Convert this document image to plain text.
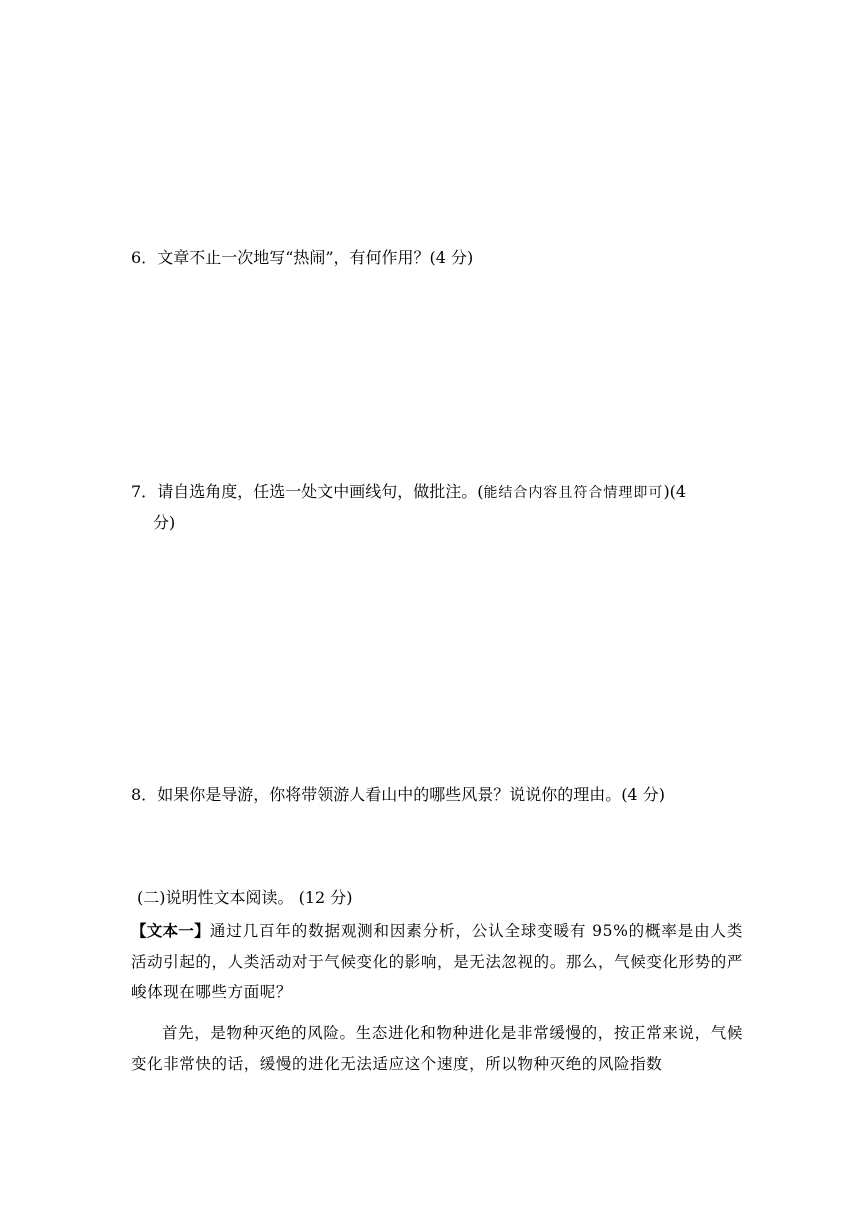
6．文章不止一次地写“热闹”，有何作用？(4 分)

7．请自选角度，任选一处文中画线句，做批注。(能结合内容且符合情理即可)(4
分)

8．如果你是导游，你将带领游人看山中的哪些风景？说说你的理由。(4 分)

(二)说明性文本阅读。 (12 分)

【文本一】通过几百年的数据观测和因素分析，公认全球变暖有 95%的概率是由人类活动引起的，人类活动对于气候变化的影响，是无法忽视的。那么，气候变化形势的严峻体现在哪些方面呢？

首先，是物种灭绝的风险。生态进化和物种进化是非常缓慢的，按正常来说，气候变化非常快的话，缓慢的进化无法适应这个速度，所以物种灭绝的风险指数
